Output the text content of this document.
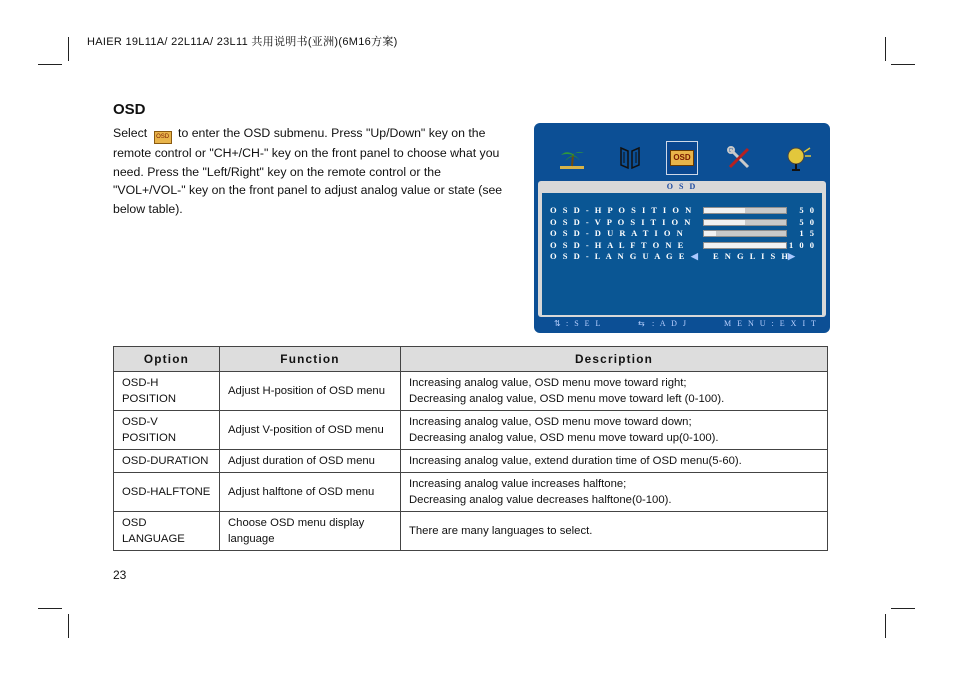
HAIER 19L11A/ 22L11A/ 23L11 共用说明书(亚洲)(6M16方案)
OSD
Select OSD to enter the OSD submenu. Press "Up/Down" key on the remote control or "CH+/CH-" key on the front panel to choose what you need. Press the "Left/Right" key on the remote control or the "VOL+/VOL-" key on the front panel to adjust analog value or state (see below table).
OSD
O S D
O S D - H P O S I T I O N	5 0
O S D - V P O S I T I O N	5 0
O S D - D U R A T I O N	1 5
O S D - H A L F T O N E	1 0 0
O S D - L A N G U A G E ◀ E N G L I S H
▶
⇅ : S E L	⇆ : A D J	M E N U : E X I T
Option	Function	Description
OSD-H POSITION	Adjust H-position of OSD menu	Increasing analog value, OSD menu move toward right;
Decreasing analog value, OSD menu move toward left (0-100).

OSD-V POSITION	Adjust V-position of OSD menu	Increasing analog value, OSD menu move toward down;
Decreasing analog value, OSD menu move toward up(0-100).

OSD-DURATION	Adjust duration of OSD menu	Increasing analog value, extend duration time of OSD menu(5-60).

OSD-HALFTONE	Adjust halftone of OSD menu	Increasing analog value increases halftone;
Decreasing analog value decreases halftone(0-100).

OSD LANGUAGE	Choose OSD menu display language	There are many languages to select.
23
